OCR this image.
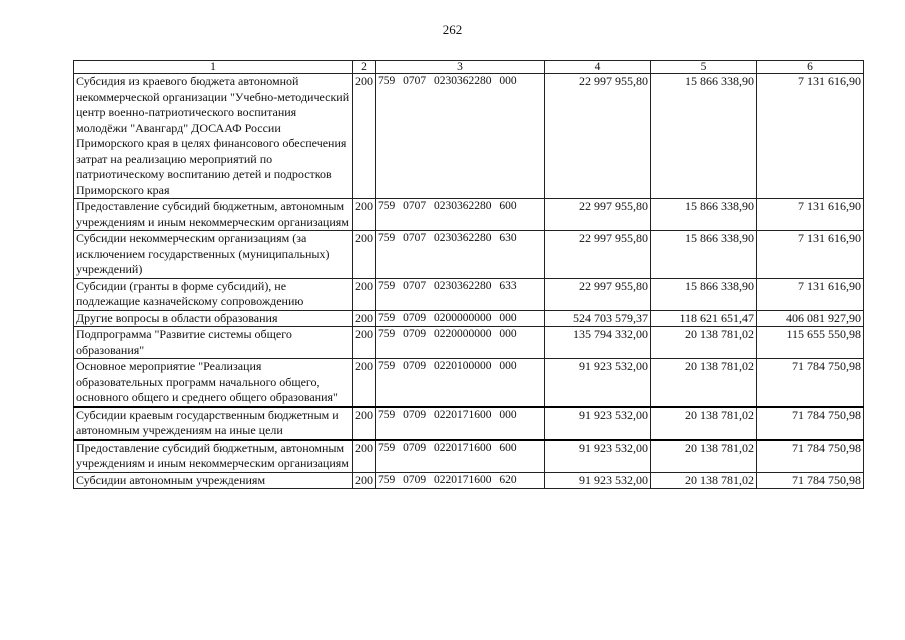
262
1	2	3	4	5	6
Субсидия из краевого бюджета автономной некоммерческой организации "Учебно-методический центр военно-патриотического воспитания молодёжи "Авангард" ДОСААФ России Приморского края в целях финансового обеспечения затрат на реализацию мероприятий по патриотическому воспитанию детей и подростков Приморского края	200	759 0707 0230362280 000	22 997 955,80	15 866 338,90	7 131 616,90
Предоставление субсидий бюджетным, автономным учреждениям и иным некоммерческим организациям	200	759 0707 0230362280 600	22 997 955,80	15 866 338,90	7 131 616,90
Субсидии некоммерческим организациям (за исключением государственных (муниципальных) учреждений)	200	759 0707 0230362280 630	22 997 955,80	15 866 338,90	7 131 616,90
Субсидии (гранты в форме субсидий), не подлежащие казначейскому сопровождению	200	759 0707 0230362280 633	22 997 955,80	15 866 338,90	7 131 616,90
Другие вопросы в области образования	200	759 0709 0200000000 000	524 703 579,37	118 621 651,47	406 081 927,90
Подпрограмма "Развитие системы общего образования"	200	759 0709 0220000000 000	135 794 332,00	20 138 781,02	115 655 550,98
Основное мероприятие "Реализация образовательных программ начального общего, основного общего и среднего общего образования"	200	759 0709 0220100000 000	91 923 532,00	20 138 781,02	71 784 750,98
Субсидии краевым государственным бюджетным и автономным учреждениям на иные цели	200	759 0709 0220171600 000	91 923 532,00	20 138 781,02	71 784 750,98
Предоставление субсидий бюджетным, автономным учреждениям и иным некоммерческим организациям	200	759 0709 0220171600 600	91 923 532,00	20 138 781,02	71 784 750,98
Субсидии автономным учреждениям	200	759 0709 0220171600 620	91 923 532,00	20 138 781,02	71 784 750,98
